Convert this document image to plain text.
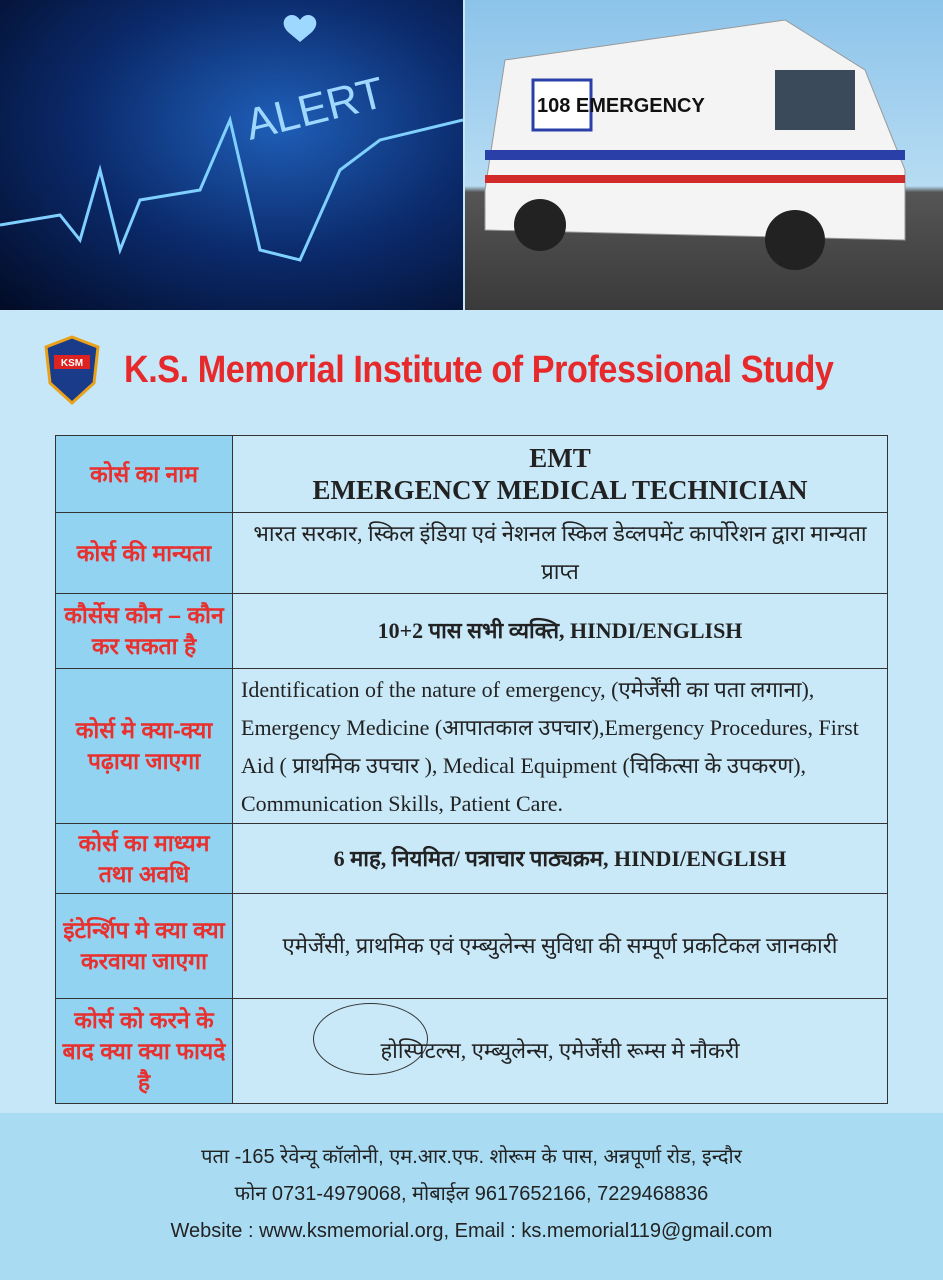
ALERT	108 EMERGENCY
KSM K.S. Memorial Institute of Professional Study
कोर्स का नाम	EMT
EMERGENCY MEDICAL TECHNICIAN

कोर्स की मान्यता	भारत सरकार, स्किल इंडिया एवं नेशनल स्किल डेव्लपमेंट कार्पोरेशन द्वारा मान्यता प्राप्त
कौर्सेस कौन – कौन कर सकता है	10+2 पास सभी व्यक्ति, HINDI/ENGLISH
कोर्स मे क्या-क्या पढ़ाया जाएगा	Identification of the nature of emergency, (एमेर्जेंसी का पता लगाना), Emergency Medicine (आपातकाल उपचार),Emergency Procedures, First Aid ( प्राथमिक उपचार ), Medical Equipment (चिकित्सा के उपकरण), Communication Skills, Patient Care.
कोर्स का माध्यम तथा अवधि	6 माह, नियमित/ पत्राचार पाठ्यक्रम, HINDI/ENGLISH
इंटेर्न्शिप मे क्या क्या करवाया जाएगा	एमेर्जेंसी, प्राथमिक एवं एम्ब्युलेन्स सुविधा की सम्पूर्ण प्रकटिकल जानकारी
कोर्स को करने के बाद क्या क्या फायदे है	होस्पिटल्स, एम्ब्युलेन्स, एमेर्जेंसी रूम्स मे नौकरी
पता -165 रेवेन्यू कॉलोनी, एम.आर.एफ. शोरूम के पास, अन्नपूर्णा रोड, इन्दौर
फोन 0731-4979068, मोबाईल 9617652166, 7229468836
Website : www.ksmemorial.org, Email : ks.memorial119@gmail.com
